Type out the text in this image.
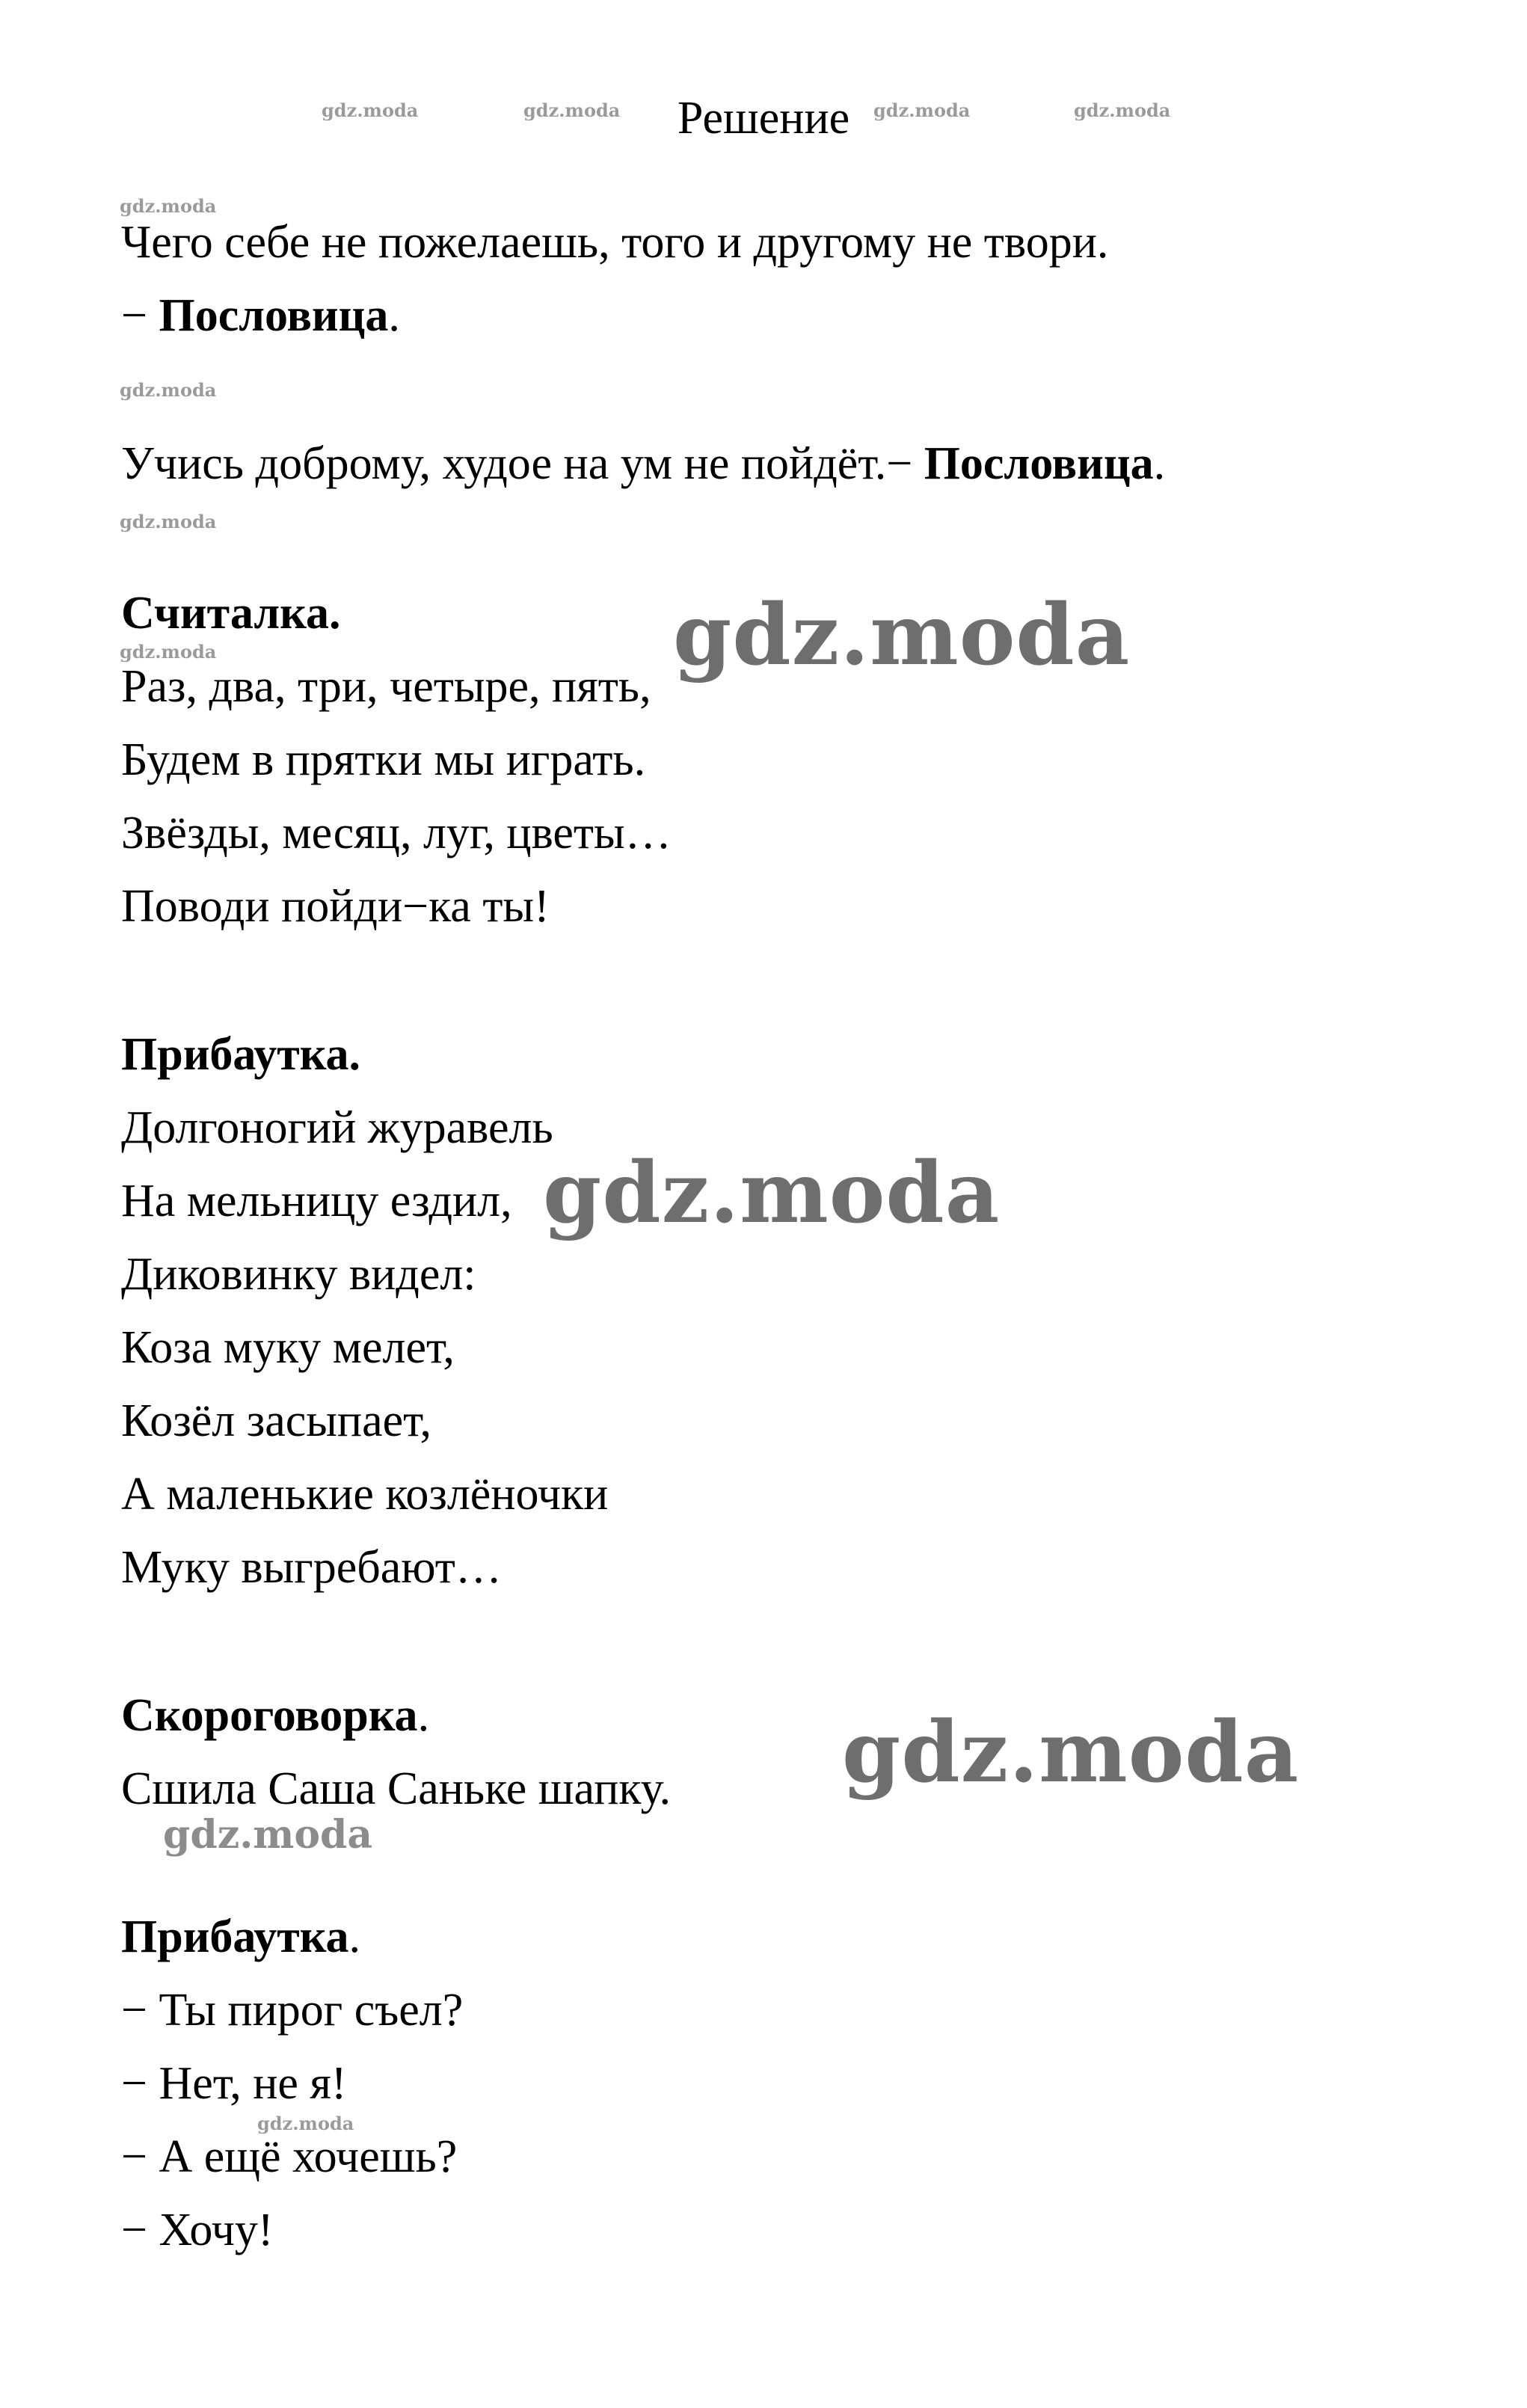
gdz.moda	gdz.moda	gdz.moda	gdz.moda
gdz.moda
gdz.moda
gdz.moda
gdz.moda
gdz.moda
Решение
Чего себе не пожелаешь, того и другому не твори.
− Пословица.
Учись доброму, худое на ум не пойдёт.− Пословица.
Считалка.
Раз, два, три, четыре, пять,
Будем в прятки мы играть.
Звёзды, месяц, луг, цветы…
Поводи пойди−ка ты!
Прибаутка.
Долгоногий журавель
На мельницу ездил,
Диковинку видел:
Коза муку мелет,
Козёл засыпает,
А маленькие козлёночки
Муку выгребают…
Скороговорка.
Сшила Саша Саньке шапку.
Прибаутка.
− Ты пирог съел?
− Нет, не я!
− А ещё хочешь?
− Хочу!
gdz.moda
gdz.moda
gdz.moda
gdz.moda
